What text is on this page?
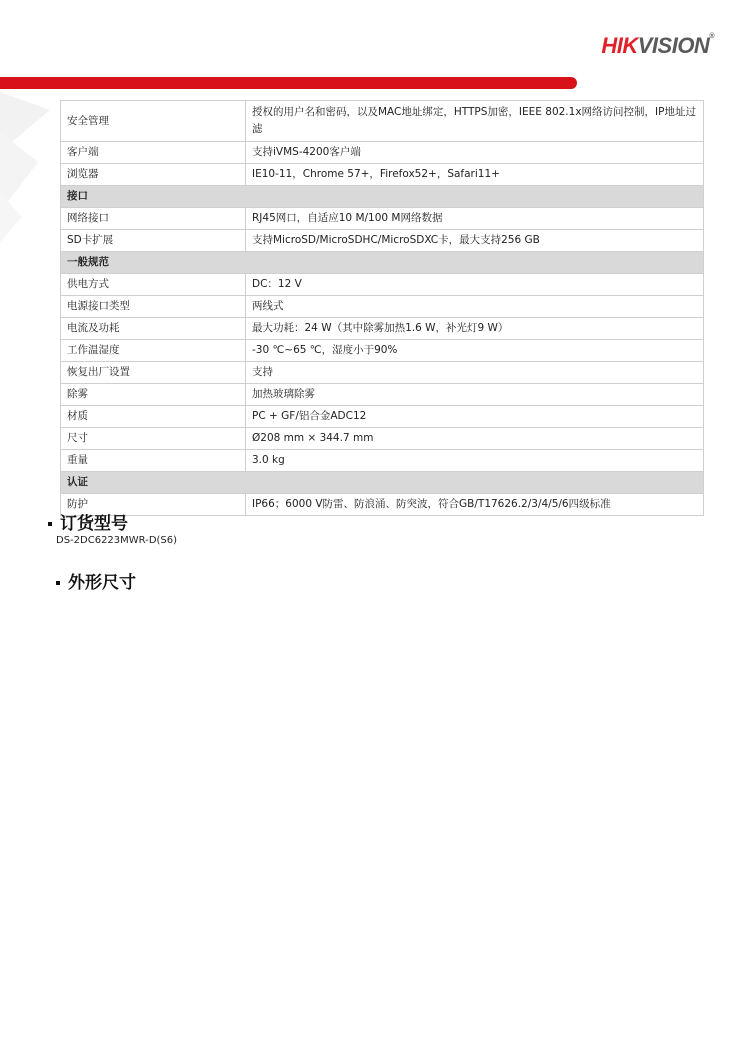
HIKVISION®
安全管理	授权的用户名和密码，以及MAC地址绑定，HTTPS加密，IEEE 802.1x网络访问控制，IP地址过滤
客户端	支持iVMS-4200客户端
浏览器	IE10-11，Chrome 57+，Firefox52+，Safari11+
接口	
网络接口	RJ45网口，自适应10 M/100 M网络数据
SD卡扩展	支持MicroSD/MicroSDHC/MicroSDXC卡，最大支持256 GB
一般规范	
供电方式	DC：12 V
电源接口类型	两线式
电流及功耗	最大功耗：24 W（其中除雾加热1.6 W，补光灯9 W）
工作温湿度	-30 ℃~65 ℃，湿度小于90%
恢复出厂设置	支持
除雾	加热玻璃除雾
材质	PC + GF/铝合金ADC12
尺寸	Ø208 mm × 344.7 mm
重量	3.0 kg
认证	
防护	IP66；6000 V防雷、防浪涌、防突波，符合GB/T17626.2/3/4/5/6四级标准
订货型号
DS-2DC6223MWR-D(S6)
外形尺寸
